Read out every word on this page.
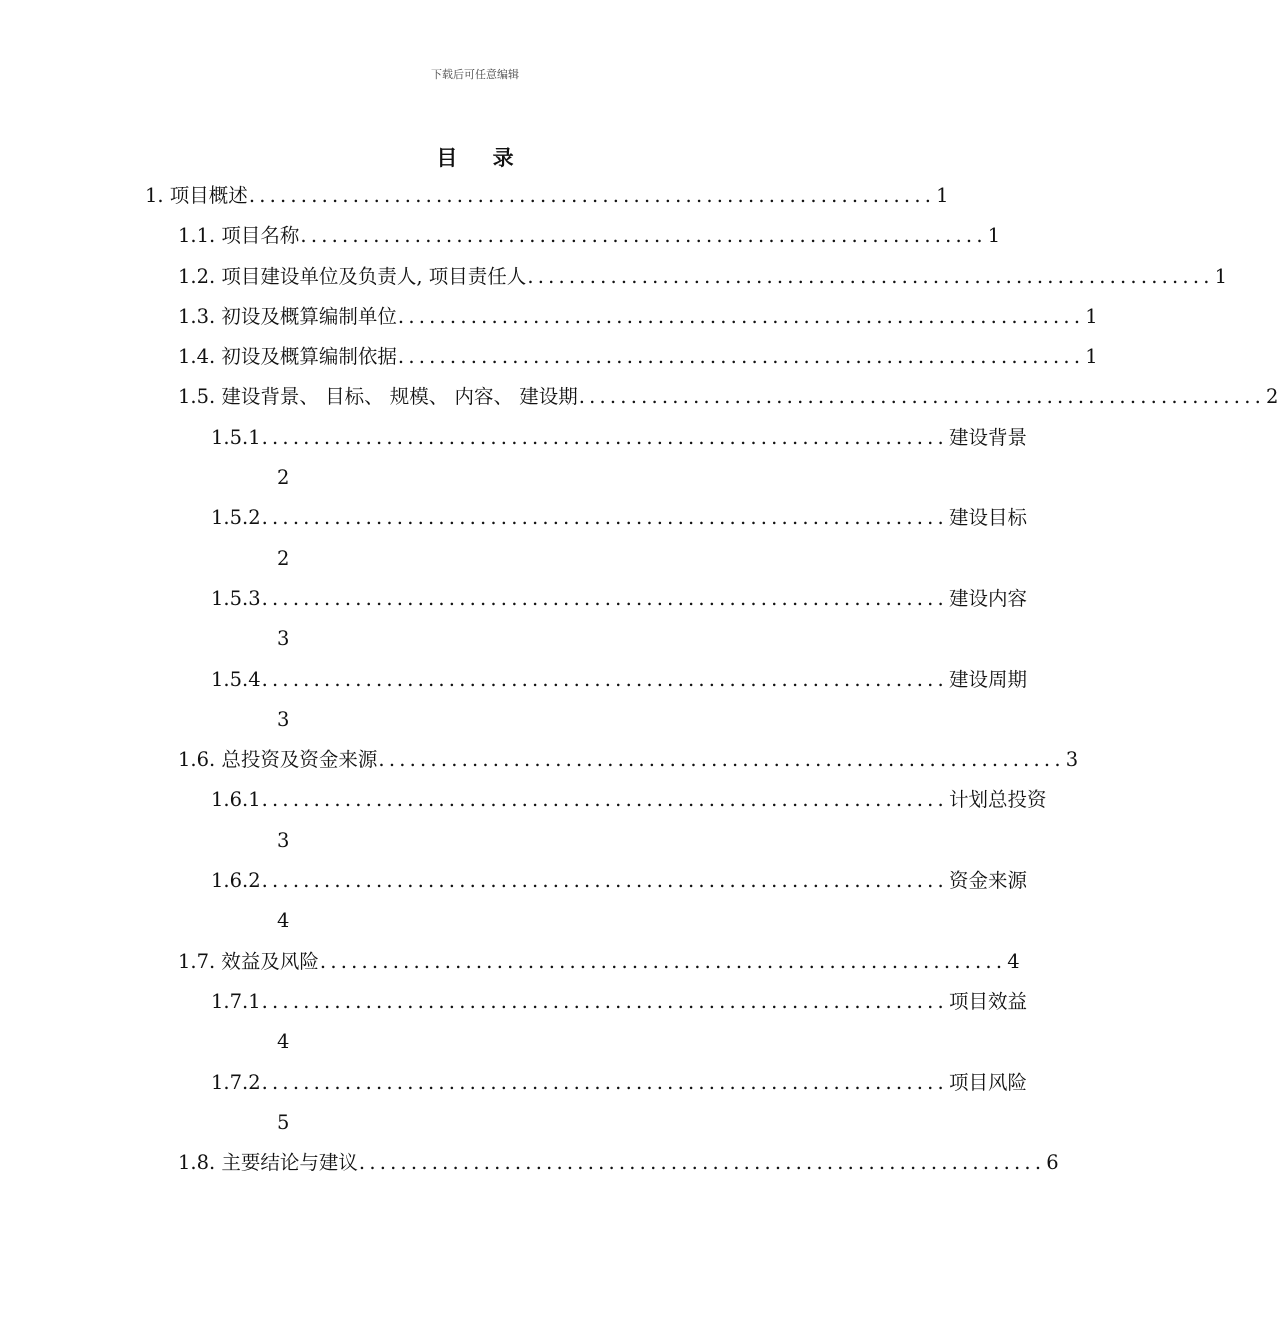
下载后可任意编辑
目 录
1. 项目概述 .................................................................. 1
1.1. 项目名称 .................................................................. 1
1.2. 项目建设单位及负责人, 项目责任人 .................................................................. 1
1.3. 初设及概算编制单位 .................................................................. 1
1.4. 初设及概算编制依据 .................................................................. 1
1.5. 建设背景、 目标、 规模、 内容、 建设期 .................................................................. 2
1.5.1 .................................................................. 建设背景
2
1.5.2 .................................................................. 建设目标
2
1.5.3 .................................................................. 建设内容
3
1.5.4 .................................................................. 建设周期
3
1.6. 总投资及资金来源 .................................................................. 3
1.6.1 .................................................................. 计划总投资
3
1.6.2 .................................................................. 资金来源
4
1.7. 效益及风险 .................................................................. 4
1.7.1 .................................................................. 项目效益
4
1.7.2 .................................................................. 项目风险
5
1.8. 主要结论与建议 .................................................................. 6
